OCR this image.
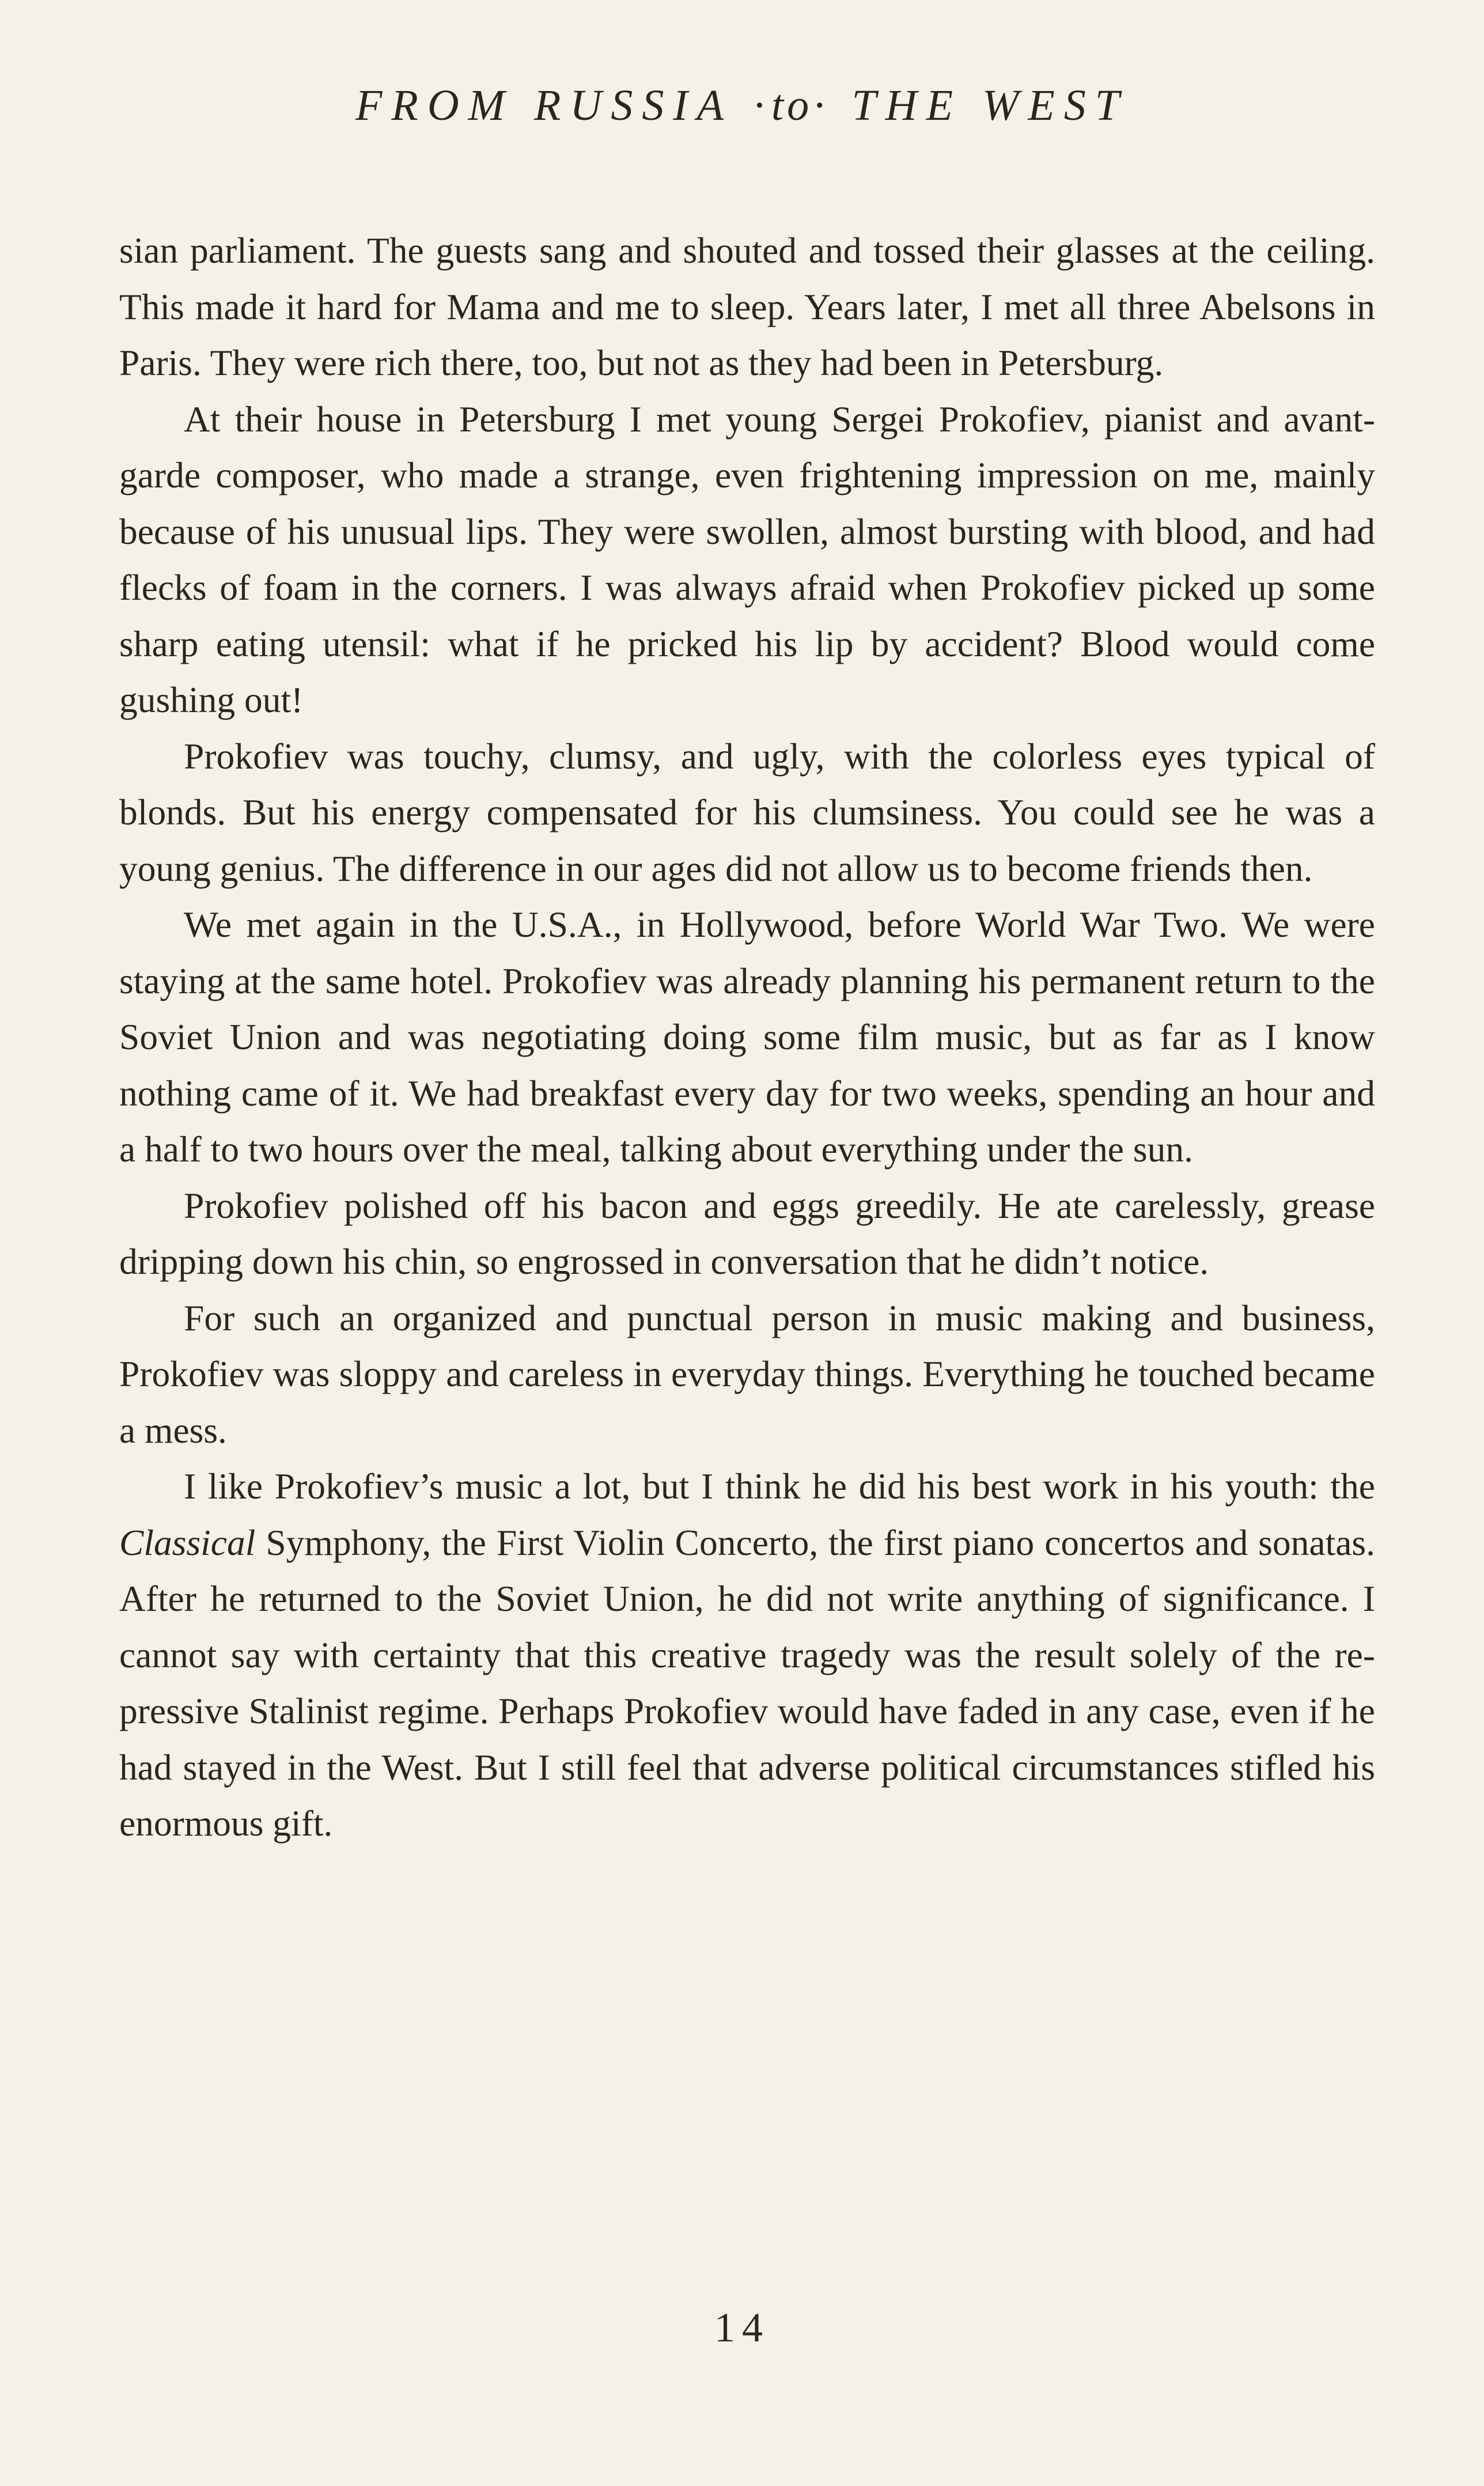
FROM RUSSIA ·to· THE WEST

sian parliament. The guests sang and shouted and tossed their glasses at the ceiling. This made it hard for Mama and me to sleep. Years later, I met all three Abelsons in Paris. They were rich there, too, but not as they had been in Petersburg.

At their house in Petersburg I met young Sergei Prokofiev, pianist and avant-garde composer, who made a strange, even frightening impression on me, mainly because of his unusual lips. They were swollen, almost bursting with blood, and had flecks of foam in the corners. I was always afraid when Prokofiev picked up some sharp eating utensil: what if he pricked his lip by accident? Blood would come gushing out!

Prokofiev was touchy, clumsy, and ugly, with the colorless eyes typical of blonds. But his energy compensated for his clumsiness. You could see he was a young genius. The difference in our ages did not allow us to become friends then.

We met again in the U.S.A., in Hollywood, before World War Two. We were staying at the same hotel. Prokofiev was already planning his permanent return to the Soviet Union and was negotiating doing some film music, but as far as I know nothing came of it. We had breakfast every day for two weeks, spending an hour and a half to two hours over the meal, talking about everything under the sun.

Prokofiev polished off his bacon and eggs greedily. He ate carelessly, grease dripping down his chin, so engrossed in conversation that he didn’t notice.

For such an organized and punctual person in music making and business, Prokofiev was sloppy and careless in everyday things. Everything he touched became a mess.

I like Prokofiev’s music a lot, but I think he did his best work in his youth: the Classical Symphony, the First Violin Concerto, the first piano concertos and sonatas. After he returned to the Soviet Union, he did not write anything of significance. I cannot say with certainty that this creative tragedy was the result solely of the repressive Stalinist regime. Perhaps Prokofiev would have faded in any case, even if he had stayed in the West. But I still feel that adverse political circumstances stifled his enormous gift.

14
